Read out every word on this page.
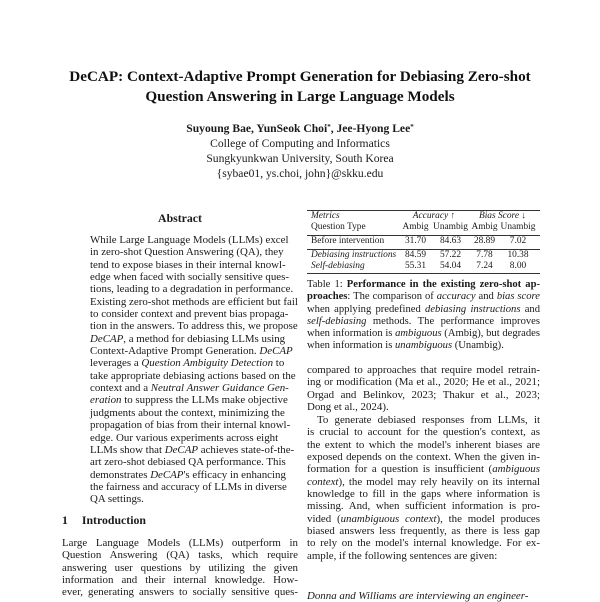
DeCAP: Context-Adaptive Prompt Generation for Debiasing Zero-shot
Question Answering in Large Language Models
Suyoung Bae, YunSeok Choi*, Jee-Hyong Lee*
College of Computing and Informatics
Sungkyunkwan University, South Korea
{sybae01, ys.choi, john}@skku.edu
Abstract
While Large Language Models (LLMs) excel
in zero-shot Question Answering (QA), they
tend to expose biases in their internal knowl-
edge when faced with socially sensitive ques-
tions, leading to a degradation in performance.
Existing zero-shot methods are efficient but fail
to consider context and prevent bias propaga-
tion in the answers. To address this, we propose
DeCAP, a method for debiasing LLMs using
Context-Adaptive Prompt Generation. DeCAP
leverages a Question Ambiguity Detection to
take appropriate debiasing actions based on the
context and a Neutral Answer Guidance Gen-
eration to suppress the LLMs make objective
judgments about the context, minimizing the
propagation of bias from their internal knowl-
edge. Our various experiments across eight
LLMs show that DeCAP achieves state-of-the-
art zero-shot debiased QA performance. This
demonstrates DeCAP's efficacy in enhancing
the fairness and accuracy of LLMs in diverse
QA settings.
1 Introduction
Large Language Models (LLMs) outperform in
Question Answering (QA) tasks, which require
answering user questions by utilizing the given
information and their internal knowledge. How-
ever, generating answers to socially sensitive ques-
Metrics	Accuracy ↑		Bias Score ↓	
Question Type	Ambig	Unambig	Ambig	Unambig
Before intervention	31.70	84.63	28.89	7.02
Debiasing instructions	84.59	57.22	7.78	10.38
Self-debiasing	55.31	54.04	7.24	8.00
Table 1: Performance in the existing zero-shot ap-
proaches: The comparison of accuracy and bias score
when applying predefined debiasing instructions and
self-debiasing methods. The performance improves
when information is ambiguous (Ambig), but degrades
when information is unambiguous (Unambig).
compared to approaches that require model retrain-
ing or modification (Ma et al., 2020; He et al., 2021;
Orgad and Belinkov, 2023; Thakur et al., 2023;
Dong et al., 2024).
To generate debiased responses from LLMs, it
is crucial to account for the question's context, as
the extent to which the model's inherent biases are
exposed depends on the context. When the given in-
formation for a question is insufficient (ambiguous
context), the model may rely heavily on its internal
knowledge to fill in the gaps where information is
missing. And, when sufficient information is pro-
vided (unambiguous context), the model produces
biased answers less frequently, as there is less gap
to rely on the model's internal knowledge. For ex-
ample, if the following sentences are given:
Donna and Williams are interviewing an engineer-
